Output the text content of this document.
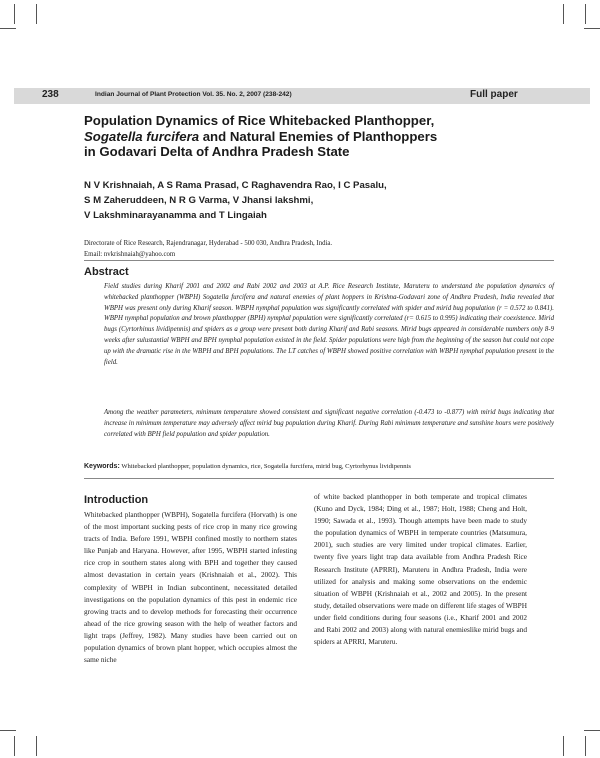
238	Indian Journal of Plant Protection Vol. 35. No. 2, 2007 (238-242)	Full paper
Population Dynamics of Rice Whitebacked Planthopper,
Sogatella furcifera and Natural Enemies of Planthoppers
in Godavari Delta of Andhra Pradesh State
N V Krishnaiah, A S Rama Prasad, C Raghavendra Rao, I C Pasalu,
S M Zaheruddeen, N R G Varma, V Jhansi lakshmi,
V Lakshminarayanamma and T Lingaiah
Directorate of Rice Research, Rajendranagar, Hyderabad - 500 030, Andhra Pradesh, India.
Email: nvkrishnaiah@yahoo.com
Abstract
Field studies during Kharif 2001 and 2002 and Rabi 2002 and 2003 at A.P. Rice Research Institute, Maruteru to understand the population dynamics of whitebacked planthopper (WBPH) Sogatella furcifera and natural enemies of plant hoppers in Krishna-Godavari zone of Andhra Pradesh, India revealed that WBPH was present only during Kharif season. WBPH nymphal population was significantly correlated with spider and mirid bug population (r = 0.572 to 0.841). WBPH nymphal population and brown planthopper (BPH) nymphal population were significantly correlated (r= 0.615 to 0.995) indicating their coexistence. Mirid bugs (Cyrtorhinus lividipennis) and spiders as a group were present both during Kharif and Rabi seasons. Mirid bugs appeared in considerable numbers only 8-9 weeks after sulustantial WBPH and BPH nymphal population existed in the field. Spider populations were high from the beginning of the season but could not cope up with the dramatic rise in the WBPH and BPH populations. The LT catches of WBPH showed positive correlation with WBPH nymphal population present in the field.
Among the weather parameters, minimum temperature showed consistent and significant negative correlation (-0.473 to -0.877) with mirid bugs indicating that increase in minimum temperature may adversely affect mirid bug population during Kharif. During Rabi minimum temperature and sunshine hours were positively correlated with BPH field population and spider population.
Keywords: Whitebacked planthopper, population dynamics, rice, Sogatella furcifera, mirid bug, Cyrtorhynus lividipennis
Introduction
Whitebacked planthopper (WBPH), Sogatella furcifera (Horvath) is one of the most important sucking pests of rice crop in many rice growing tracts of India. Before 1991, WBPH confined mostly to northern states like Punjab and Haryana. However, after 1995, WBPH started infesting rice crop in southern states along with BPH and together they caused almost devastation in certain years (Krishnaiah et al., 2002). This complexity of WBPH in Indian subcontinent, necessitated detailed investigations on the population dynamics of this pest in endemic rice growing tracts and to develop methods for forecasting their occurrence ahead of the rice growing season with the help of weather factors and light traps (Jeffrey, 1982). Many studies have been carried out on population dynamics of brown plant hopper, which occupies almost the same niche
of white backed planthopper in both temperate and tropical climates (Kuno and Dyck, 1984; Ding et al., 1987; Holt, 1988; Cheng and Holt, 1990; Sawada et al., 1993). Though attempts have been made to study the population dynamics of WBPH in temperate countries (Matsumura, 2001), such studies are very limited under tropical climates. Earlier, twenty five years light trap data available from Andhra Pradesh Rice Research Institute (APRRI), Maruteru in Andhra Pradesh, India were utilized for analysis and making some observations on the endemic situation of WBPH (Krishnaiah et al., 2002 and 2005). In the present study, detailed observations were made on different life stages of WBPH under field conditions during four seasons (i.e., Kharif 2001 and 2002 and Rabi 2002 and 2003) along with natural enemieslike mirid bugs and spiders at APRRI, Maruteru.
